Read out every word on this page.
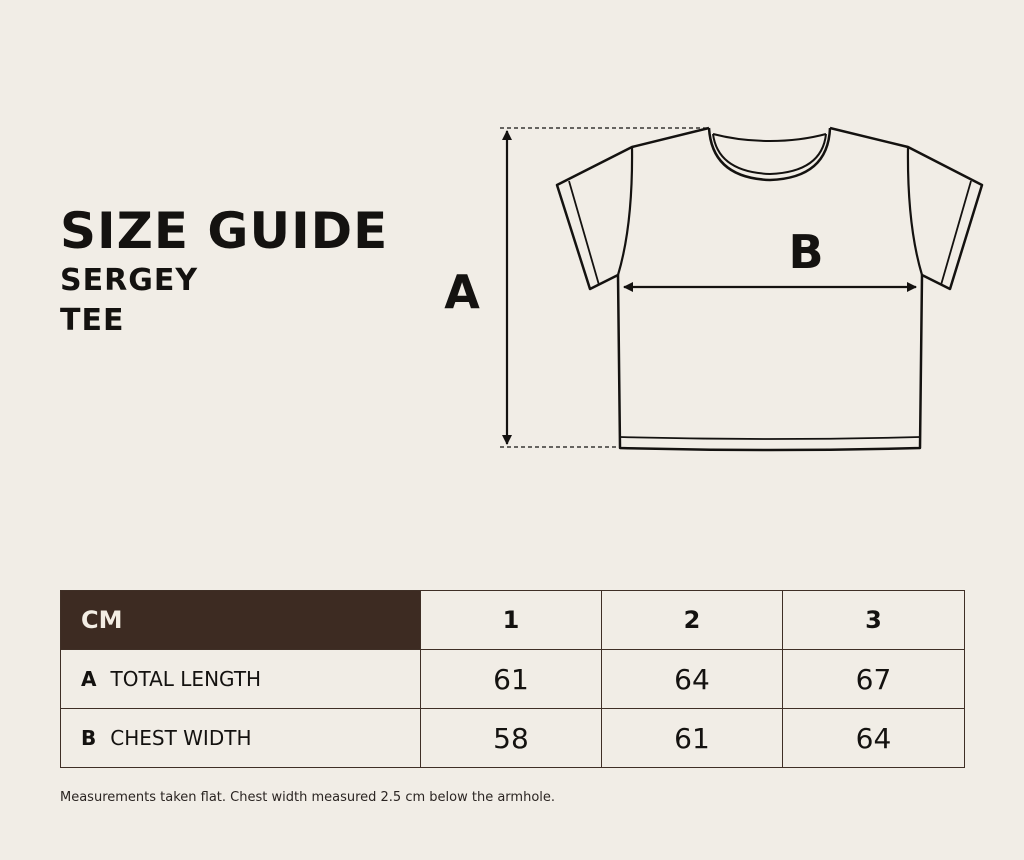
SIZE GUIDE
SERGEY
TEE
A
B
CM	1	2	3
A TOTAL LENGTH	61	64	67
B CHEST WIDTH	58	61	64
Measurements taken flat. Chest width measured 2.5 cm below the armhole.
